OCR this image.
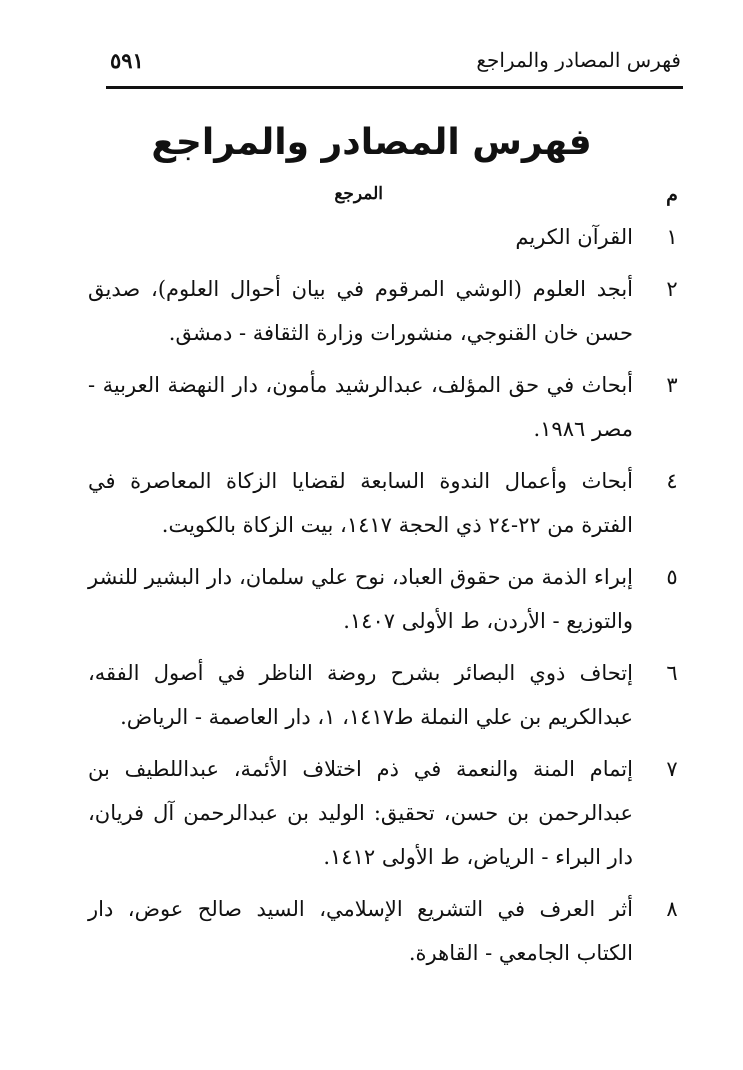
فهرس المصادر والمراجع
٥٩١
فهرس المصادر والمراجع
م
المرجع
١
القرآن الكريم
٢
أبجد العلوم (الوشي المرقوم في بيان أحوال العلوم)، صديق حسن خان القنوجي، منشورات وزارة الثقافة - دمشق.
٣
أبحاث في حق المؤلف، عبدالرشيد مأمون، دار النهضة العربية - مصر ١٩٨٦.
٤
أبحاث وأعمال الندوة السابعة لقضايا الزكاة المعاصرة في الفترة من ٢٢-٢٤ ذي الحجة ١٤١٧، بيت الزكاة بالكويت.
٥
إبراء الذمة من حقوق العباد، نوح علي سلمان، دار البشير للنشر والتوزيع - الأردن، ط الأولى ١٤٠٧.
٦
إتحاف ذوي البصائر بشرح روضة الناظر في أصول الفقه، عبدالكريم بن علي النملة ط١٤١٧، ١، دار العاصمة - الرياض.
٧
إتمام المنة والنعمة في ذم اختلاف الأئمة، عبداللطيف بن عبدالرحمن بن حسن، تحقيق: الوليد بن عبدالرحمن آل فريان، دار البراء - الرياض، ط الأولى ١٤١٢.
٨
أثر العرف في التشريع الإسلامي، السيد صالح عوض، دار الكتاب الجامعي - القاهرة.
